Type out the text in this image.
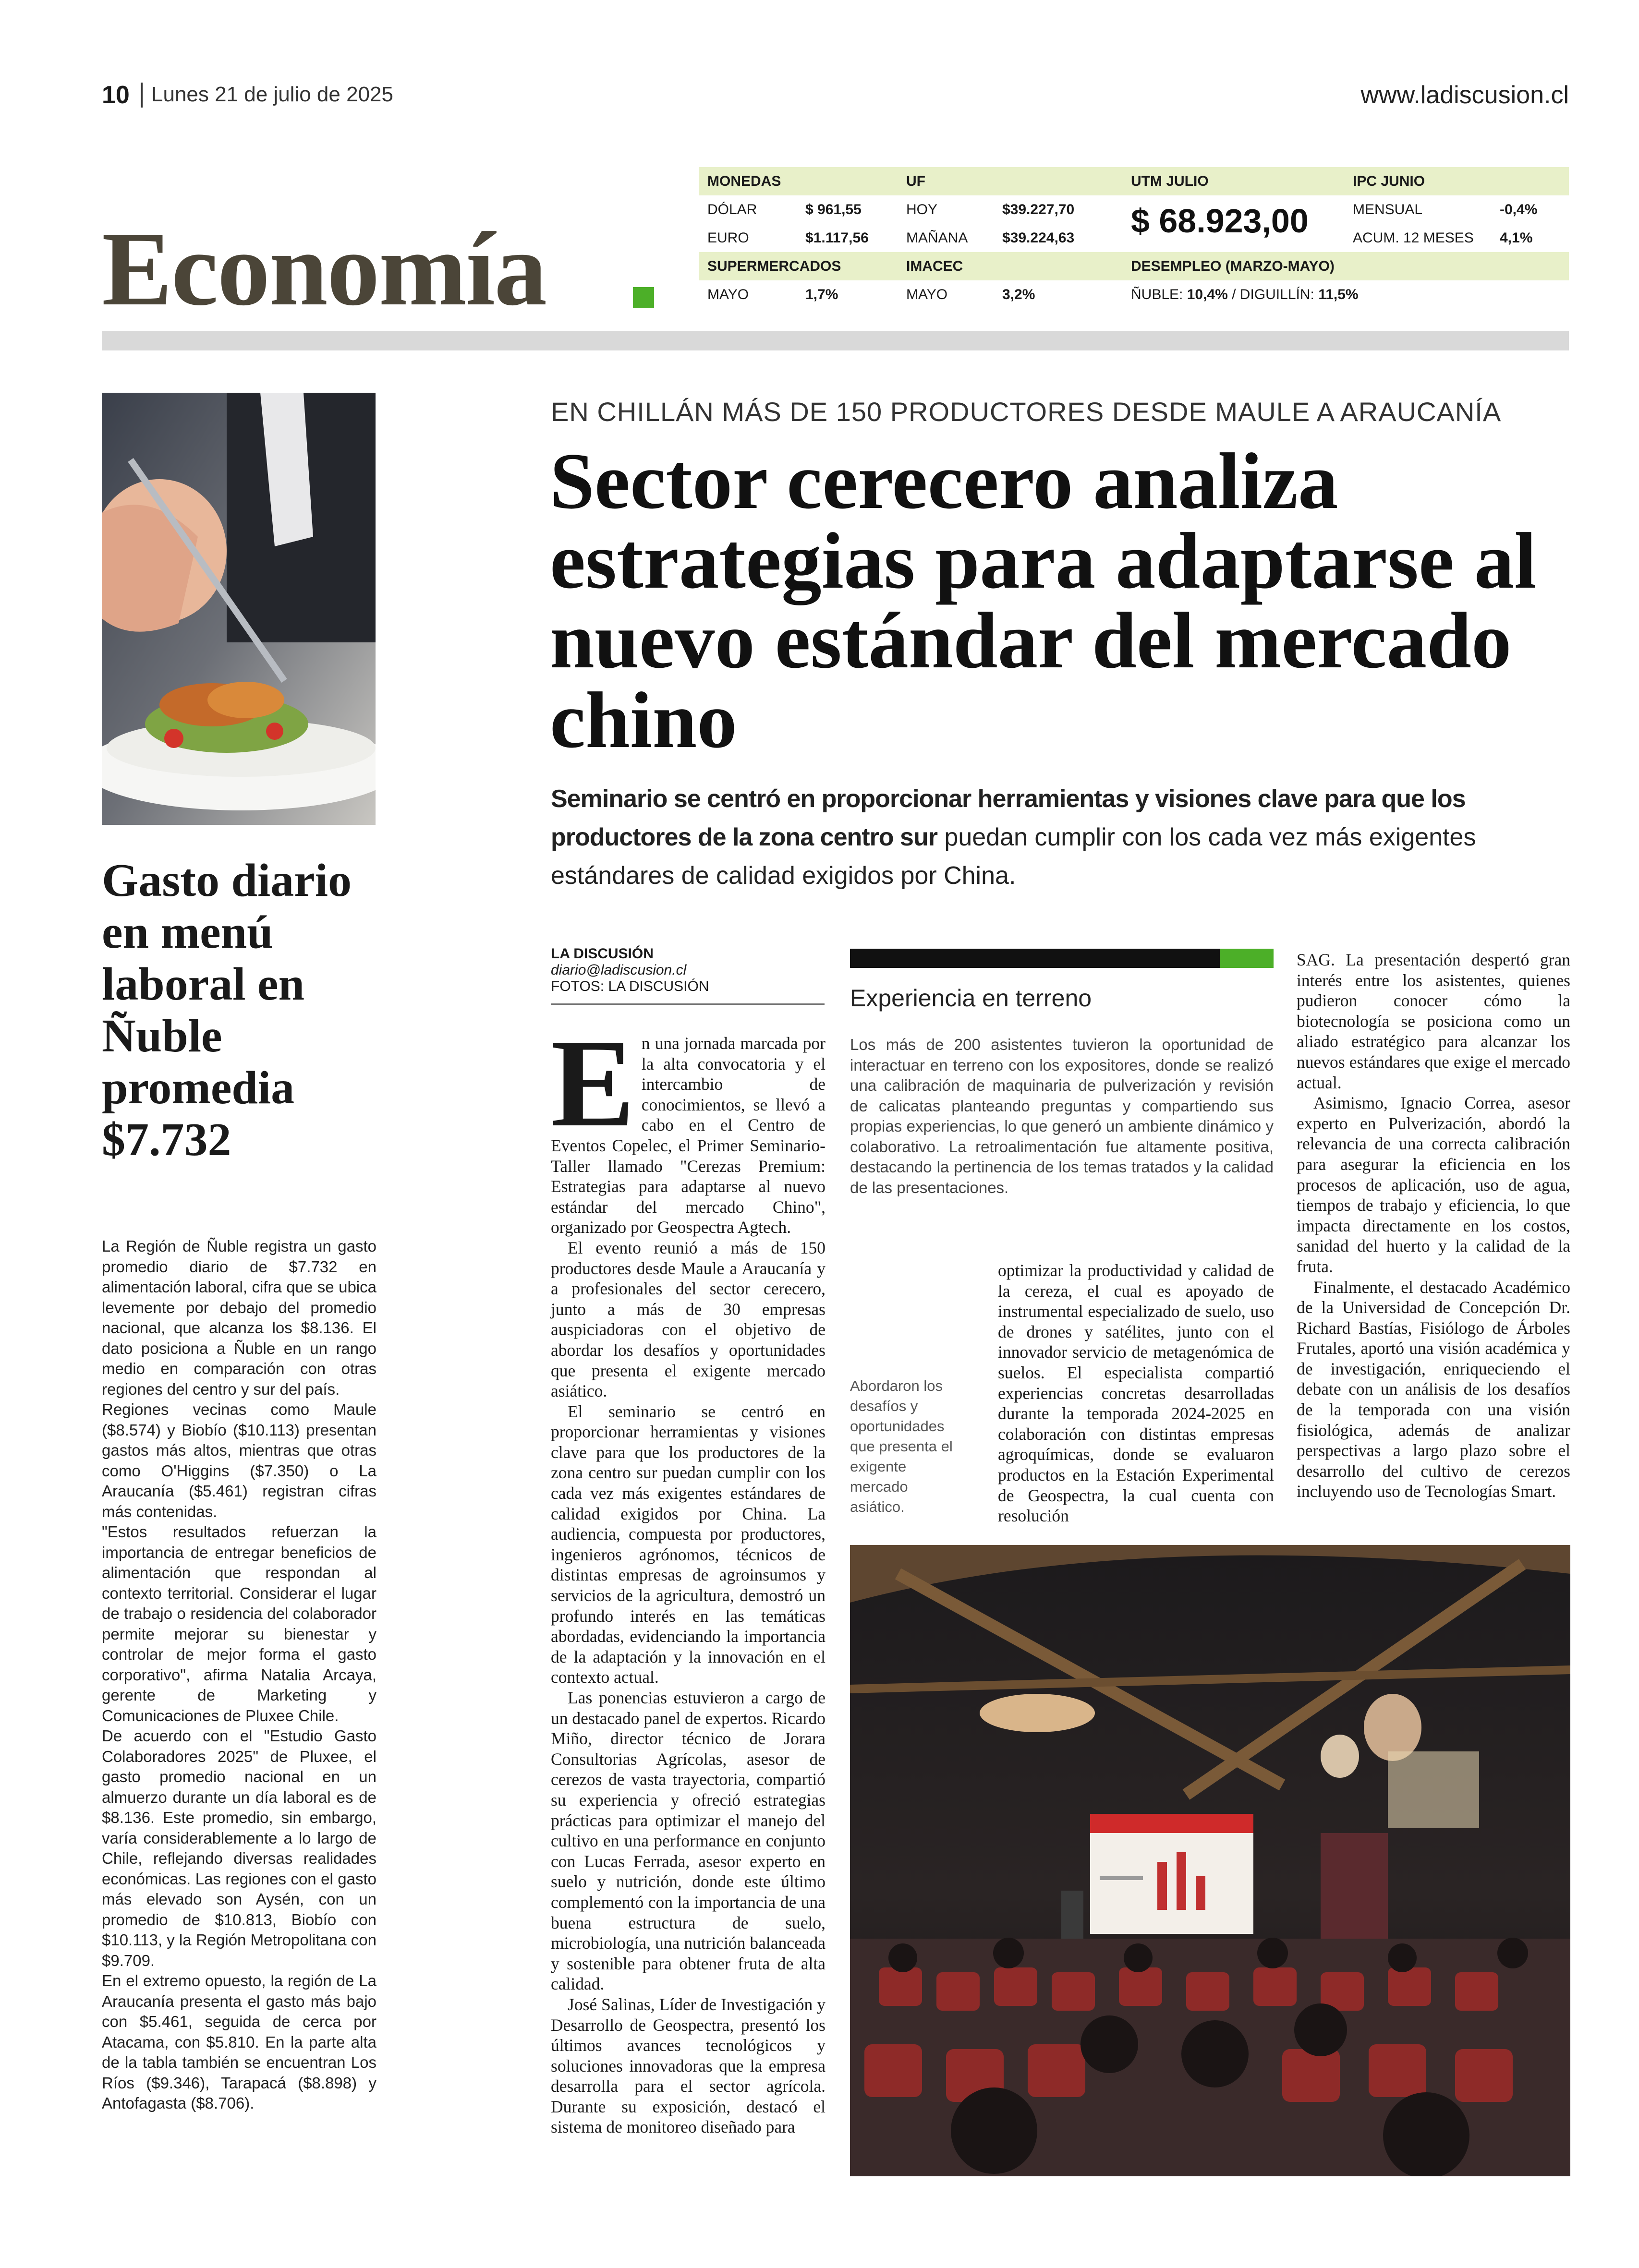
10 Lunes 21 de julio de 2025	www.ladiscusion.cl
Economía
MONEDAS	UF	UTM JULIO	IPC JUNIO
DÓLAR	$ 961,55	HOY	$39.227,70	MENSUAL	-0,4%
EURO	$1.117,56	MAÑANA $39.224,63	ACUM. 12 MESES 4,1%
SUPERMERCADOS	IMACEC	DESEMPLEO (MARZO-MAYO)
MAYO	1,7%	MAYO	3,2%	ÑUBLE: 10,4% / DIGUILLÍN: 11,5%
$ 68.923,00
Gasto diario en menú laboral en Ñuble promedia $7.732

La Región de Ñuble registra un gasto promedio diario de $7.732 en alimentación laboral, cifra que se ubica levemente por debajo del promedio nacional, que alcanza los $8.136. El dato posiciona a Ñuble en un rango medio en comparación con otras regiones del centro y sur del país.

Regiones vecinas como Maule ($8.574) y Biobío ($10.113) presentan gastos más altos, mientras que otras como O'Higgins ($7.350) o La Araucanía ($5.461) registran cifras más contenidas.

"Estos resultados refuerzan la importancia de entregar beneficios de alimentación que respondan al contexto territorial. Considerar el lugar de trabajo o residencia del colaborador permite mejorar su bienestar y controlar de mejor forma el gasto corporativo", afirma Natalia Arcaya, gerente de Marketing y Comunicaciones de Pluxee Chile.

De acuerdo con el "Estudio Gasto Colaboradores 2025" de Pluxee, el gasto promedio nacional en un almuerzo durante un día laboral es de $8.136. Este promedio, sin embargo, varía considerablemente a lo largo de Chile, reflejando diversas realidades económicas. Las regiones con el gasto más elevado son Aysén, con un promedio de $10.813, Biobío con $10.113, y la Región Metropolitana con $9.709.

En el extremo opuesto, la región de La Araucanía presenta el gasto más bajo con $5.461, seguida de cerca por Atacama, con $5.810. En la parte alta de la tabla también se encuentran Los Ríos ($9.346), Tarapacá ($8.898) y Antofagasta ($8.706).

EN CHILLÁN MÁS DE 150 PRODUCTORES DESDE MAULE A ARAUCANÍA
Sector cerecero analiza estrategias para adaptarse al nuevo estándar del mercado chino
Seminario se centró en proporcionar herramientas y visiones clave para que los productores de la zona centro sur puedan cumplir con los cada vez más exigentes estándares de calidad exigidos por China.
LA DISCUSIÓN
diario@ladiscusion.cl
FOTOS: LA DISCUSIÓN

En una jornada marcada por la alta convocatoria y el intercambio de conocimientos, se llevó a cabo en el Centro de Eventos Copelec, el Primer Seminario-Taller llamado "Cerezas Premium: Estrategias para adaptarse al nuevo estándar del mercado Chino", organizado por Geospectra Agtech.

El evento reunió a más de 150 productores desde Maule a Araucanía y a profesionales del sector cerecero, junto a más de 30 empresas auspiciadoras con el objetivo de abordar los desafíos y oportunidades que presenta el exigente mercado asiático.

El seminario se centró en proporcionar herramientas y visiones clave para que los productores de la zona centro sur puedan cumplir con los cada vez más exigentes estándares de calidad exigidos por China. La audiencia, compuesta por productores, ingenieros agrónomos, técnicos de distintas empresas de agroinsumos y servicios de la agricultura, demostró un profundo interés en las temáticas abordadas, evidenciando la importancia de la adaptación y la innovación en el contexto actual.

Las ponencias estuvieron a cargo de un destacado panel de expertos. Ricardo Miño, director técnico de Jorara Consultorias Agrícolas, asesor de cerezos de vasta trayectoria, compartió su experiencia y ofreció estrategias prácticas para optimizar el manejo del cultivo en una performance en conjunto con Lucas Ferrada, asesor experto en suelo y nutrición, donde este último complementó con la importancia de una buena estructura de suelo, microbiología, una nutrición balanceada y sostenible para obtener fruta de alta calidad.

José Salinas, Líder de Investigación y Desarrollo de Geospectra, presentó los últimos avances tecnológicos y soluciones innovadoras que la empresa desarrolla para el sector agrícola. Durante su exposición, destacó el sistema de monitoreo diseñado para

Experiencia en terreno
Los más de 200 asistentes tuvieron la oportunidad de interactuar en terreno con los expositores, donde se realizó una calibración de maquinaria de pulverización y revisión de calicatas planteando preguntas y compartiendo sus propias experiencias, lo que generó un ambiente dinámico y colaborativo. La retroalimentación fue altamente positiva, destacando la pertinencia de los temas tratados y la calidad de las presentaciones.
Abordaron los desafíos y oportunidades que presenta el exigente mercado asiático.

optimizar la productividad y calidad de la cereza, el cual es apoyado de instrumental especializado de suelo, uso de drones y satélites, junto con el innovador servicio de metagenómica de suelos. El especialista compartió experiencias concretas desarrolladas durante la temporada 2024-2025 en colaboración con distintas empresas agroquímicas, donde se evaluaron productos en la Estación Experimental de Geospectra, la cual cuenta con resolución

SAG. La presentación despertó gran interés entre los asistentes, quienes pudieron conocer cómo la biotecnología se posiciona como un aliado estratégico para alcanzar los nuevos estándares que exige el mercado actual.

Asimismo, Ignacio Correa, asesor experto en Pulverización, abordó la relevancia de una correcta calibración para asegurar la eficiencia en los procesos de aplicación, uso de agua, tiempos de trabajo y eficiencia, lo que impacta directamente en los costos, sanidad del huerto y la calidad de la fruta.

Finalmente, el destacado Académico de la Universidad de Concepción Dr. Richard Bastías, Fisiólogo de Árboles Frutales, aportó una visión académica y de investigación, enriqueciendo el debate con un análisis de los desafíos de la temporada con una visión fisiológica, además de analizar perspectivas a largo plazo sobre el desarrollo del cultivo de cerezos incluyendo uso de Tecnologías Smart.
